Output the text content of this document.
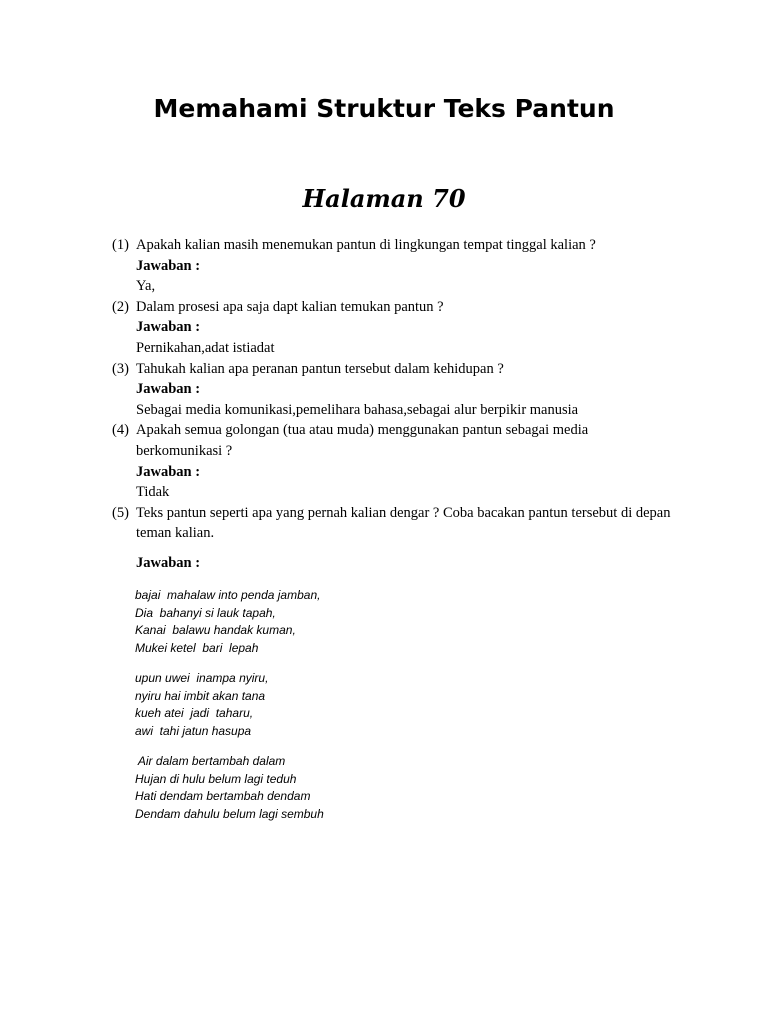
Memahami Struktur Teks Pantun
Halaman 70
(1) Apakah kalian masih menemukan pantun di lingkungan tempat tinggal kalian ?
Jawaban :
Ya,
(2) Dalam prosesi apa saja dapt kalian temukan pantun ?
Jawaban :
Pernikahan,adat istiadat
(3) Tahukah kalian apa peranan pantun tersebut dalam kehidupan ?
Jawaban :
Sebagai media komunikasi,pemelihara bahasa,sebagai alur berpikir manusia
(4) Apakah semua golongan (tua atau muda) menggunakan pantun sebagai media berkomunikasi ?
Jawaban :
Tidak
(5) Teks pantun seperti apa yang pernah kalian dengar ? Coba bacakan pantun tersebut di depan teman kalian.
Jawaban :
bajai  mahalaw into penda jamban,
Dia  bahanyi si lauk tapah,
Kanai  balawu handak kuman,
Mukei ketel  bari  lepah
upun uwei  inampa nyiru,
nyiru hai imbit akan tana
kueh atei  jadi  taharu,
awi  tahi jatun hasupa
Air dalam bertambah dalam
Hujan di hulu belum lagi teduh
Hati dendam bertambah dendam
Dendam dahulu belum lagi sembuh
